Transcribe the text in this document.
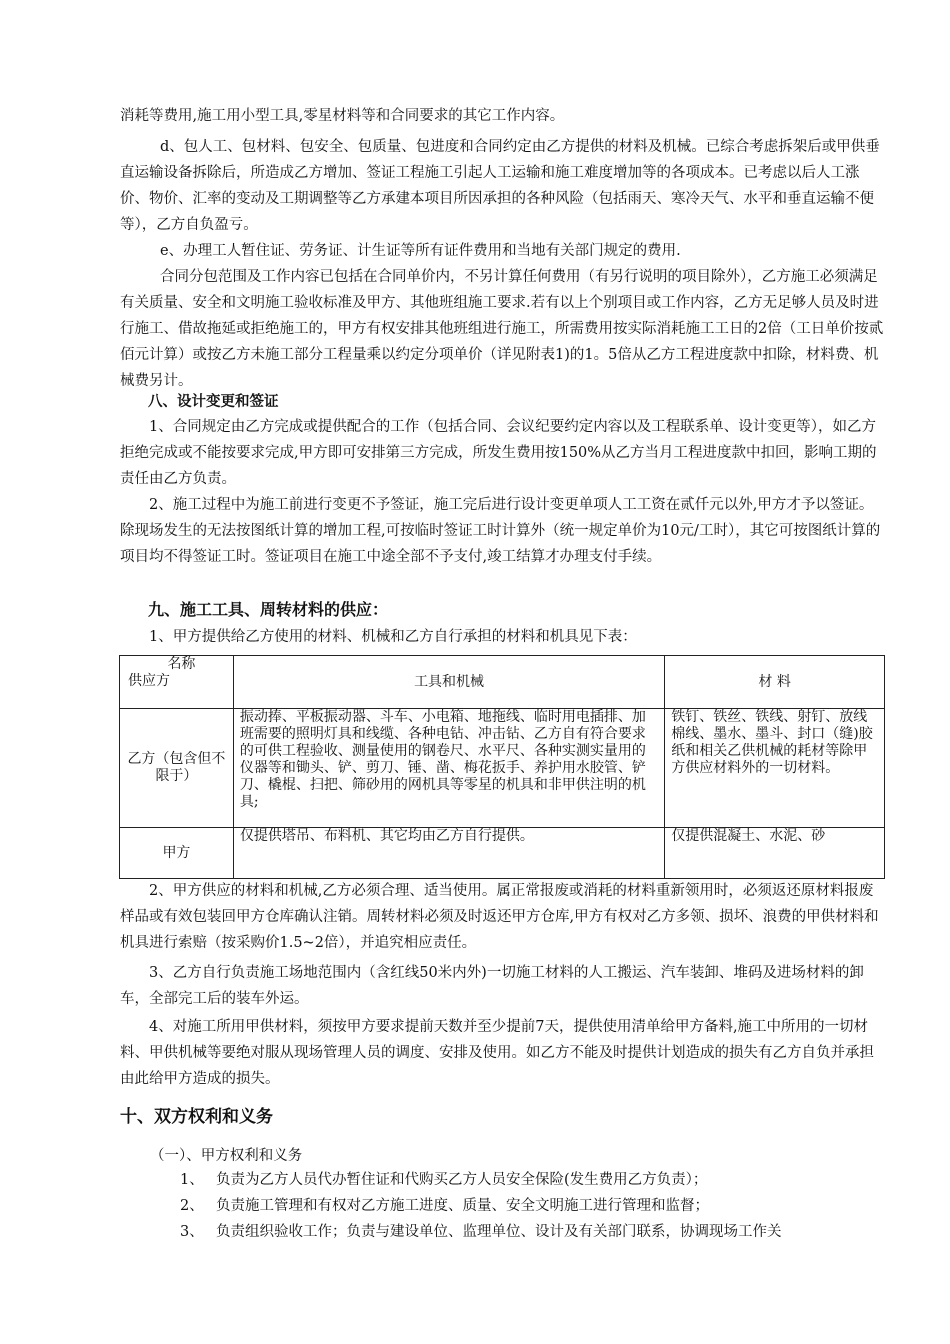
消耗等费用,施工用小型工具,零星材料等和合同要求的其它工作内容。

d、包人工、包材料、包安全、包质量、包进度和合同约定由乙方提供的材料及机械。已综合考虑拆架后或甲供垂直运输设备拆除后，所造成乙方增加、签证工程施工引起人工运输和施工难度增加等的各项成本。已考虑以后人工涨价、物价、汇率的变动及工期调整等乙方承建本项目所因承担的各种风险（包括雨天、寒冷天气、水平和垂直运输不便等），乙方自负盈亏。

e、办理工人暂住证、劳务证、计生证等所有证件费用和当地有关部门规定的费用.

合同分包范围及工作内容已包括在合同单价内，不另计算任何费用（有另行说明的项目除外），乙方施工必须满足有关质量、安全和文明施工验收标准及甲方、其他班组施工要求.若有以上个别项目或工作内容，乙方无足够人员及时进行施工、借故拖延或拒绝施工的，甲方有权安排其他班组进行施工，所需费用按实际消耗施工工日的2倍（工日单价按贰佰元计算）或按乙方未施工部分工程量乘以约定分项单价（详见附表1)的1。5倍从乙方工程进度款中扣除，材料费、机械费另计。

八、设计变更和签证

1、合同规定由乙方完成或提供配合的工作（包括合同、会议纪要约定内容以及工程联系单、设计变更等），如乙方拒绝完成或不能按要求完成,甲方即可安排第三方完成，所发生费用按150%从乙方当月工程进度款中扣回，影响工期的责任由乙方负责。

2、施工过程中为施工前进行变更不予签证，施工完后进行设计变更单项人工工资在贰仟元以外,甲方才予以签证。除现场发生的无法按图纸计算的增加工程,可按临时签证工时计算外（统一规定单价为10元/工时），其它可按图纸计算的项目均不得签证工时。签证项目在施工中途全部不予支付,竣工结算才办理支付手续。

九、施工工具、周转材料的供应：

1、甲方提供给乙方使用的材料、机械和乙方自行承担的材料和机具见下表：

名称
供应方	工具和机械	材 料
乙方（包含但不限于）	振动捧、平板振动器、斗车、小电箱、地拖线、临时用电插排、加班需要的照明灯具和线缆、各种电钻、冲击钻、乙方自有符合要求的可供工程验收、测量使用的钢卷尺、水平尺、各种实测实量用的仪器等和锄头、铲、剪刀、锤、凿、梅花扳手、养护用水胶管、铲刀、橇棍、扫把、筛砂用的网机具等零星的机具和非甲供注明的机具;	铁钉、铁丝、铁线、射钉、放线棉线、墨水、墨斗、封口（缝)胶纸和相关乙供机械的耗材等除甲方供应材料外的一切材料。
甲方	仅提供塔吊、布料机、其它均由乙方自行提供。	仅提供混凝土、水泥、砂

2、甲方供应的材料和机械,乙方必须合理、适当使用。属正常报废或消耗的材料重新领用时，必须返还原材料报废样品或有效包装回甲方仓库确认注销。周转材料必须及时返还甲方仓库,甲方有权对乙方多领、损坏、浪费的甲供材料和机具进行索赔（按采购价1.5~2倍），并追究相应责任。

3、乙方自行负责施工场地范围内（含红线50米内外)一切施工材料的人工搬运、汽车装卸、堆码及进场材料的卸车，全部完工后的装车外运。

4、对施工所用甲供材料，须按甲方要求提前天数并至少提前7天，提供使用清单给甲方备料,施工中所用的一切材料、甲供机械等要绝对服从现场管理人员的调度、安排及使用。如乙方不能及时提供计划造成的损失有乙方自负并承担由此给甲方造成的损失。

十、双方权利和义务

（一）、甲方权利和义务

1、 负责为乙方人员代办暂住证和代购买乙方人员安全保险(发生费用乙方负责）；

2、 负责施工管理和有权对乙方施工进度、质量、安全文明施工进行管理和监督；

3、 负责组织验收工作；负责与建设单位、监理单位、设计及有关部门联系，协调现场工作关
